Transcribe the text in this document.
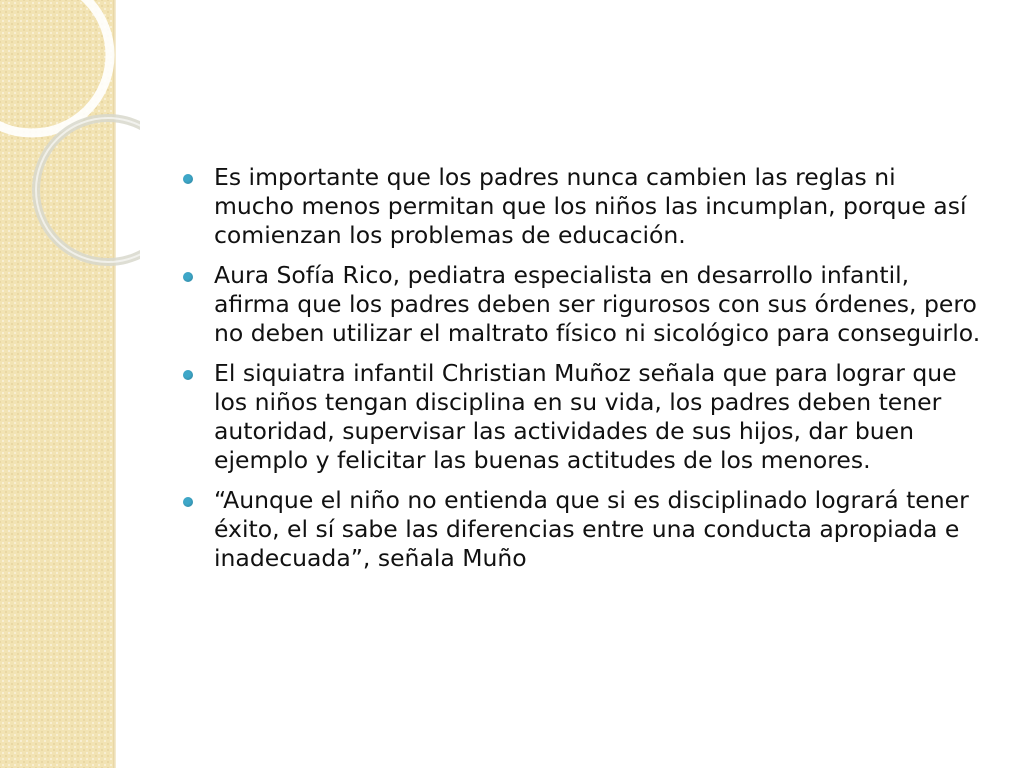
Es importante que los padres nunca cambien las reglas ni mucho menos permitan que los niños las incumplan, porque así comienzan los problemas de educación.
Aura Sofía Rico, pediatra especialista en desarrollo infantil, afirma que los padres deben ser rigurosos con sus órdenes, pero no deben utilizar el maltrato físico ni sicológico para conseguirlo.
El siquiatra infantil Christian Muñoz señala que para lograr que los niños tengan disciplina en su vida, los padres deben tener autoridad, supervisar las actividades de sus hijos, dar buen ejemplo y felicitar las buenas actitudes de los menores.
“Aunque el niño no entienda que si es disciplinado logrará tener éxito, el sí sabe las diferencias entre una conducta apropiada e inadecuada”, señala Muño
